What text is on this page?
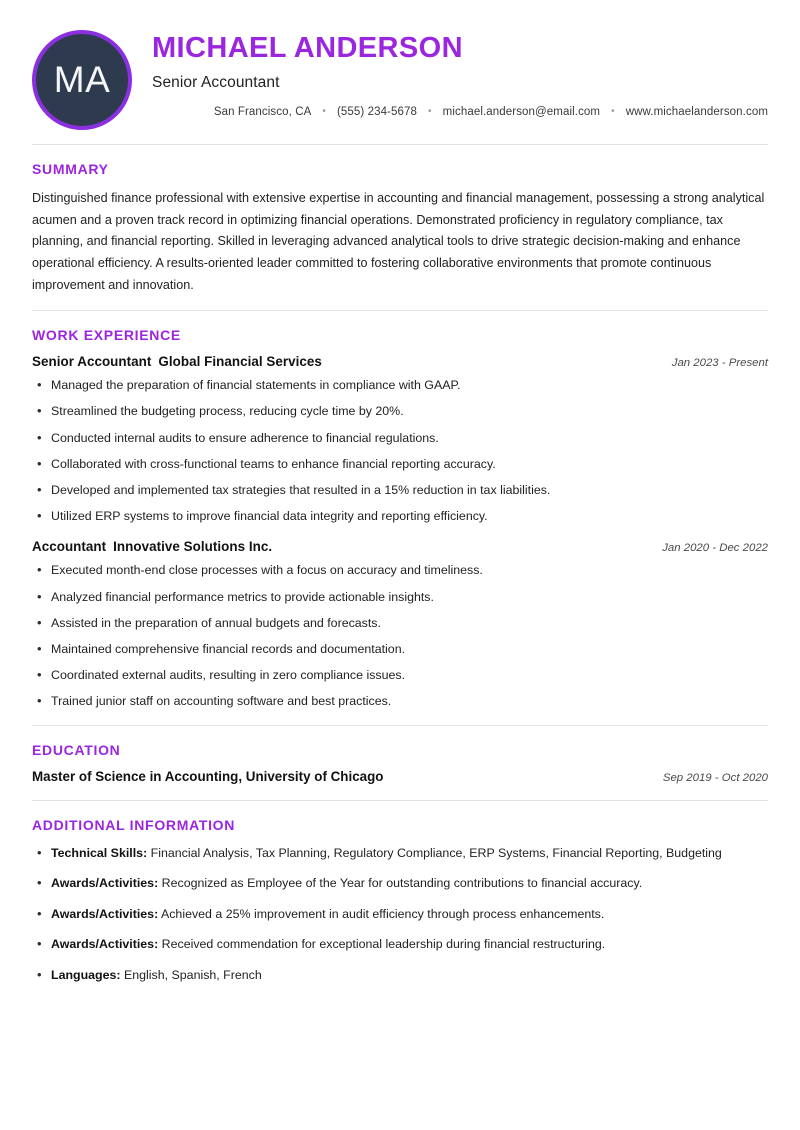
MA
MICHAEL ANDERSON
Senior Accountant
San Francisco, CA	• (555) 234-5678	• michael.anderson@email.com	• www.michaelanderson.com
SUMMARY

Distinguished finance professional with extensive expertise in accounting and financial management, possessing a strong analytical acumen and a proven track record in optimizing financial operations. Demonstrated proficiency in regulatory compliance, tax planning, and financial reporting. Skilled in leveraging advanced analytical tools to drive strategic decision-making and enhance operational efficiency. A results-oriented leader committed to fostering collaborative environments that promote continuous improvement and innovation.

WORK EXPERIENCE
Senior Accountant Global Financial Services	Jan 2023 - Present
• Managed the preparation of financial statements in compliance with GAAP.
• Streamlined the budgeting process, reducing cycle time by 20%.
• Conducted internal audits to ensure adherence to financial regulations.
• Collaborated with cross-functional teams to enhance financial reporting accuracy.
• Developed and implemented tax strategies that resulted in a 15% reduction in tax liabilities.
• Utilized ERP systems to improve financial data integrity and reporting efficiency.
Accountant Innovative Solutions Inc.	Jan 2020 - Dec 2022
• Executed month-end close processes with a focus on accuracy and timeliness.
• Analyzed financial performance metrics to provide actionable insights.
• Assisted in the preparation of annual budgets and forecasts.
• Maintained comprehensive financial records and documentation.
• Coordinated external audits, resulting in zero compliance issues.
• Trained junior staff on accounting software and best practices.
EDUCATION
Master of Science in Accounting, University of Chicago	Sep 2019 - Oct 2020
ADDITIONAL INFORMATION
• Technical Skills: Financial Analysis, Tax Planning, Regulatory Compliance, ERP Systems, Financial Reporting, Budgeting
• Awards/Activities: Recognized as Employee of the Year for outstanding contributions to financial accuracy.
• Awards/Activities: Achieved a 25% improvement in audit efficiency through process enhancements.
• Awards/Activities: Received commendation for exceptional leadership during financial restructuring.
• Languages: English, Spanish, French
